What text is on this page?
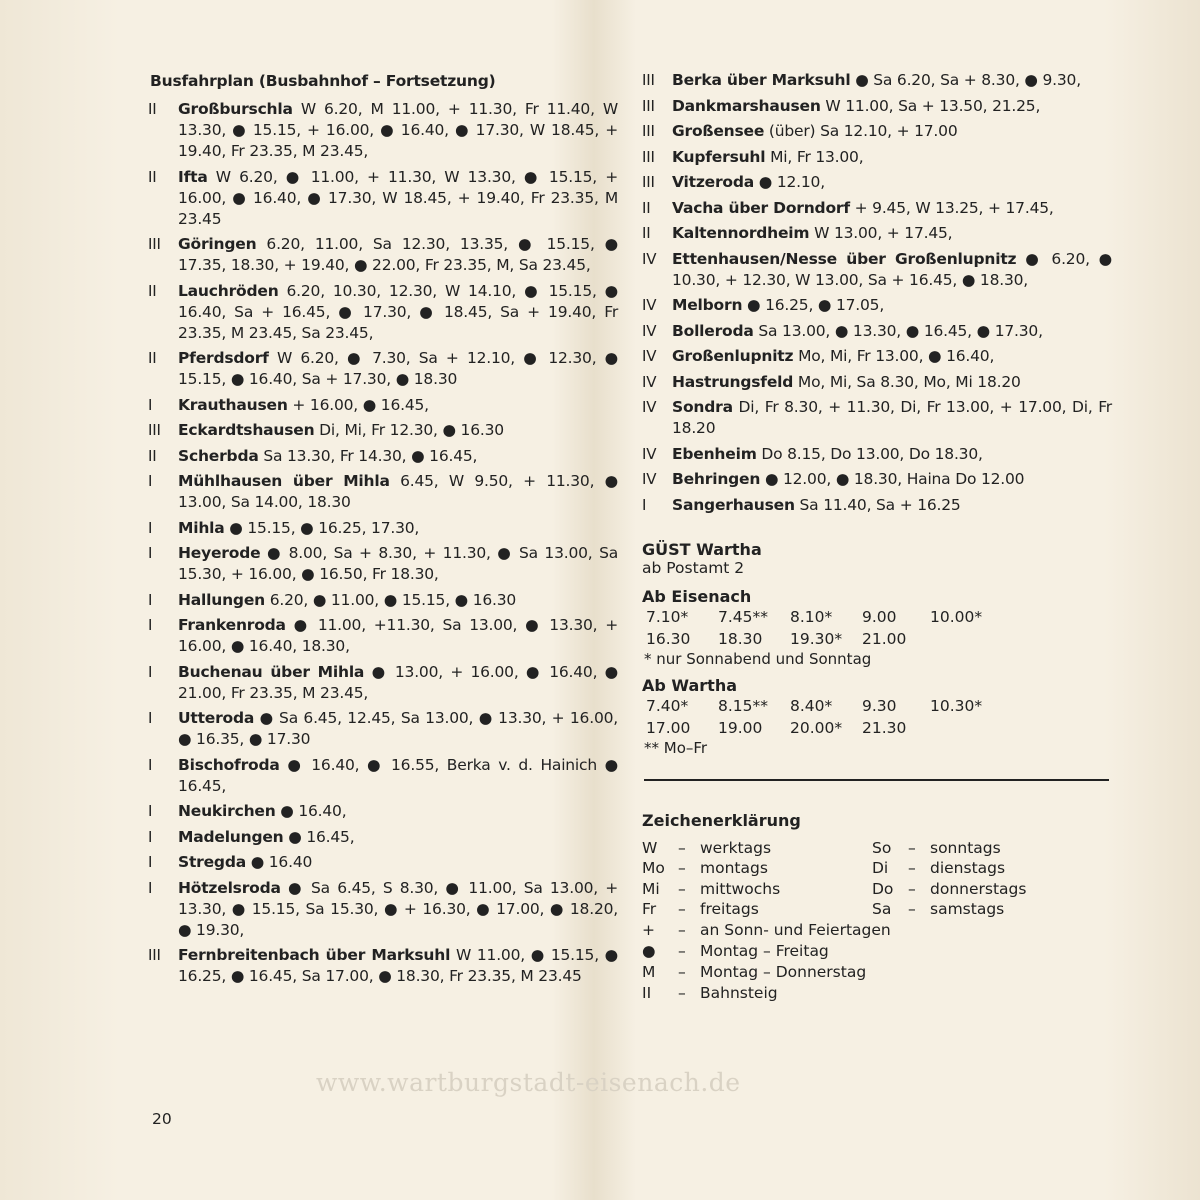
Busfahrplan (Busbahnhof – Fortsetzung)
II	Großburschla W 6.20, M 11.00, + 11.30, Fr 11.40, W 13.30, ● 15.15, + 16.00, ● 16.40, ● 17.30, W 18.45, + 19.40, Fr 23.35, M 23.45,
II	Ifta W 6.20, ● 11.00, + 11.30, W 13.30, ● 15.15, + 16.00, ● 16.40, ● 17.30, W 18.45, + 19.40, Fr 23.35, M 23.45
III	Göringen 6.20, 11.00, Sa 12.30, 13.35, ● 15.15, ● 17.35, 18.30, + 19.40, ● 22.00, Fr 23.35, M, Sa 23.45,
II	Lauchröden 6.20, 10.30, 12.30, W 14.10, ● 15.15, ● 16.40, Sa + 16.45, ● 17.30, ● 18.45, Sa + 19.40, Fr 23.35, M 23.45, Sa 23.45,
II	Pferdsdorf W 6.20, ● 7.30, Sa + 12.10, ● 12.30, ● 15.15, ● 16.40, Sa + 17.30, ● 18.30
I	Krauthausen + 16.00, ● 16.45,
III	Eckardtshausen Di, Mi, Fr 12.30, ● 16.30
II	Scherbda Sa 13.30, Fr 14.30, ● 16.45,
I	Mühlhausen über Mihla 6.45, W 9.50, + 11.30, ● 13.00, Sa 14.00, 18.30
I	Mihla ● 15.15, ● 16.25, 17.30,
I	Heyerode ● 8.00, Sa + 8.30, + 11.30, ● Sa 13.00, Sa 15.30, + 16.00, ● 16.50, Fr 18.30,
I	Hallungen 6.20, ● 11.00, ● 15.15, ● 16.30
I	Frankenroda ● 11.00, +11.30, Sa 13.00, ● 13.30, + 16.00, ● 16.40, 18.30,
I	Buchenau über Mihla ● 13.00, + 16.00, ● 16.40, ● 21.00, Fr 23.35, M 23.45,
I	Utteroda ● Sa 6.45, 12.45, Sa 13.00, ● 13.30, + 16.00, ● 16.35, ● 17.30
I	Bischofroda ● 16.40, ● 16.55, Berka v. d. Hainich ● 16.45,
I	Neukirchen ● 16.40,
I	Madelungen ● 16.45,
I	Stregda ● 16.40
I	Hötzelsroda ● Sa 6.45, S 8.30, ● 11.00, Sa 13.00, + 13.30, ● 15.15, Sa 15.30, ● + 16.30, ● 17.00, ● 18.20, ● 19.30,
III	Fernbreitenbach über Marksuhl W 11.00, ● 15.15, ● 16.25, ● 16.45, Sa 17.00, ● 18.30, Fr 23.35, M 23.45
III	Berka über Marksuhl ● Sa 6.20, Sa + 8.30, ● 9.30,
III	Dankmarshausen W 11.00, Sa + 13.50, 21.25,
III	Großensee (über) Sa 12.10, + 17.00
III	Kupfersuhl Mi, Fr 13.00,
III	Vitzeroda ● 12.10,
II	Vacha über Dorndorf + 9.45, W 13.25, + 17.45,
II	Kaltennordheim W 13.00, + 17.45,
IV	Ettenhausen/Nesse über Großenlupnitz ● 6.20, ● 10.30, + 12.30, W 13.00, Sa + 16.45, ● 18.30,
IV	Melborn ● 16.25, ● 17.05,
IV	Bolleroda Sa 13.00, ● 13.30, ● 16.45, ● 17.30,
IV	Großenlupnitz Mo, Mi, Fr 13.00, ● 16.40,
IV	Hastrungsfeld Mo, Mi, Sa 8.30, Mo, Mi 18.20
IV	Sondra Di, Fr 8.30, + 11.30, Di, Fr 13.00, + 17.00, Di, Fr 18.20
IV	Ebenheim Do 8.15, Do 13.00, Do 18.30,
IV	Behringen ● 12.00, ● 18.30, Haina Do 12.00
I	Sangerhausen Sa 11.40, Sa + 16.25
GÜST Wartha
ab Postamt 2
Ab Eisenach
7.10*	7.45**	8.10*	9.00	10.00*
16.30	18.30	19.30*	21.00
* nur Sonnabend und Sonntag
Ab Wartha
7.40*	8.15**	8.40*	9.30	10.30*
17.00	19.00	20.00*	21.30
** Mo–Fr
Zeichenerklärung
W	– werktags	So	– sonntags
Mo – montags	Di	– dienstags
Mi	– mittwochs	Do – donnerstags
Fr	– freitags	Sa	– samstags
+	– an Sonn- und Feiertagen
●	– Montag – Freitag
M	– Montag – Donnerstag
II	– Bahnsteig
www.wartburgstadt-eisenach.de
20
